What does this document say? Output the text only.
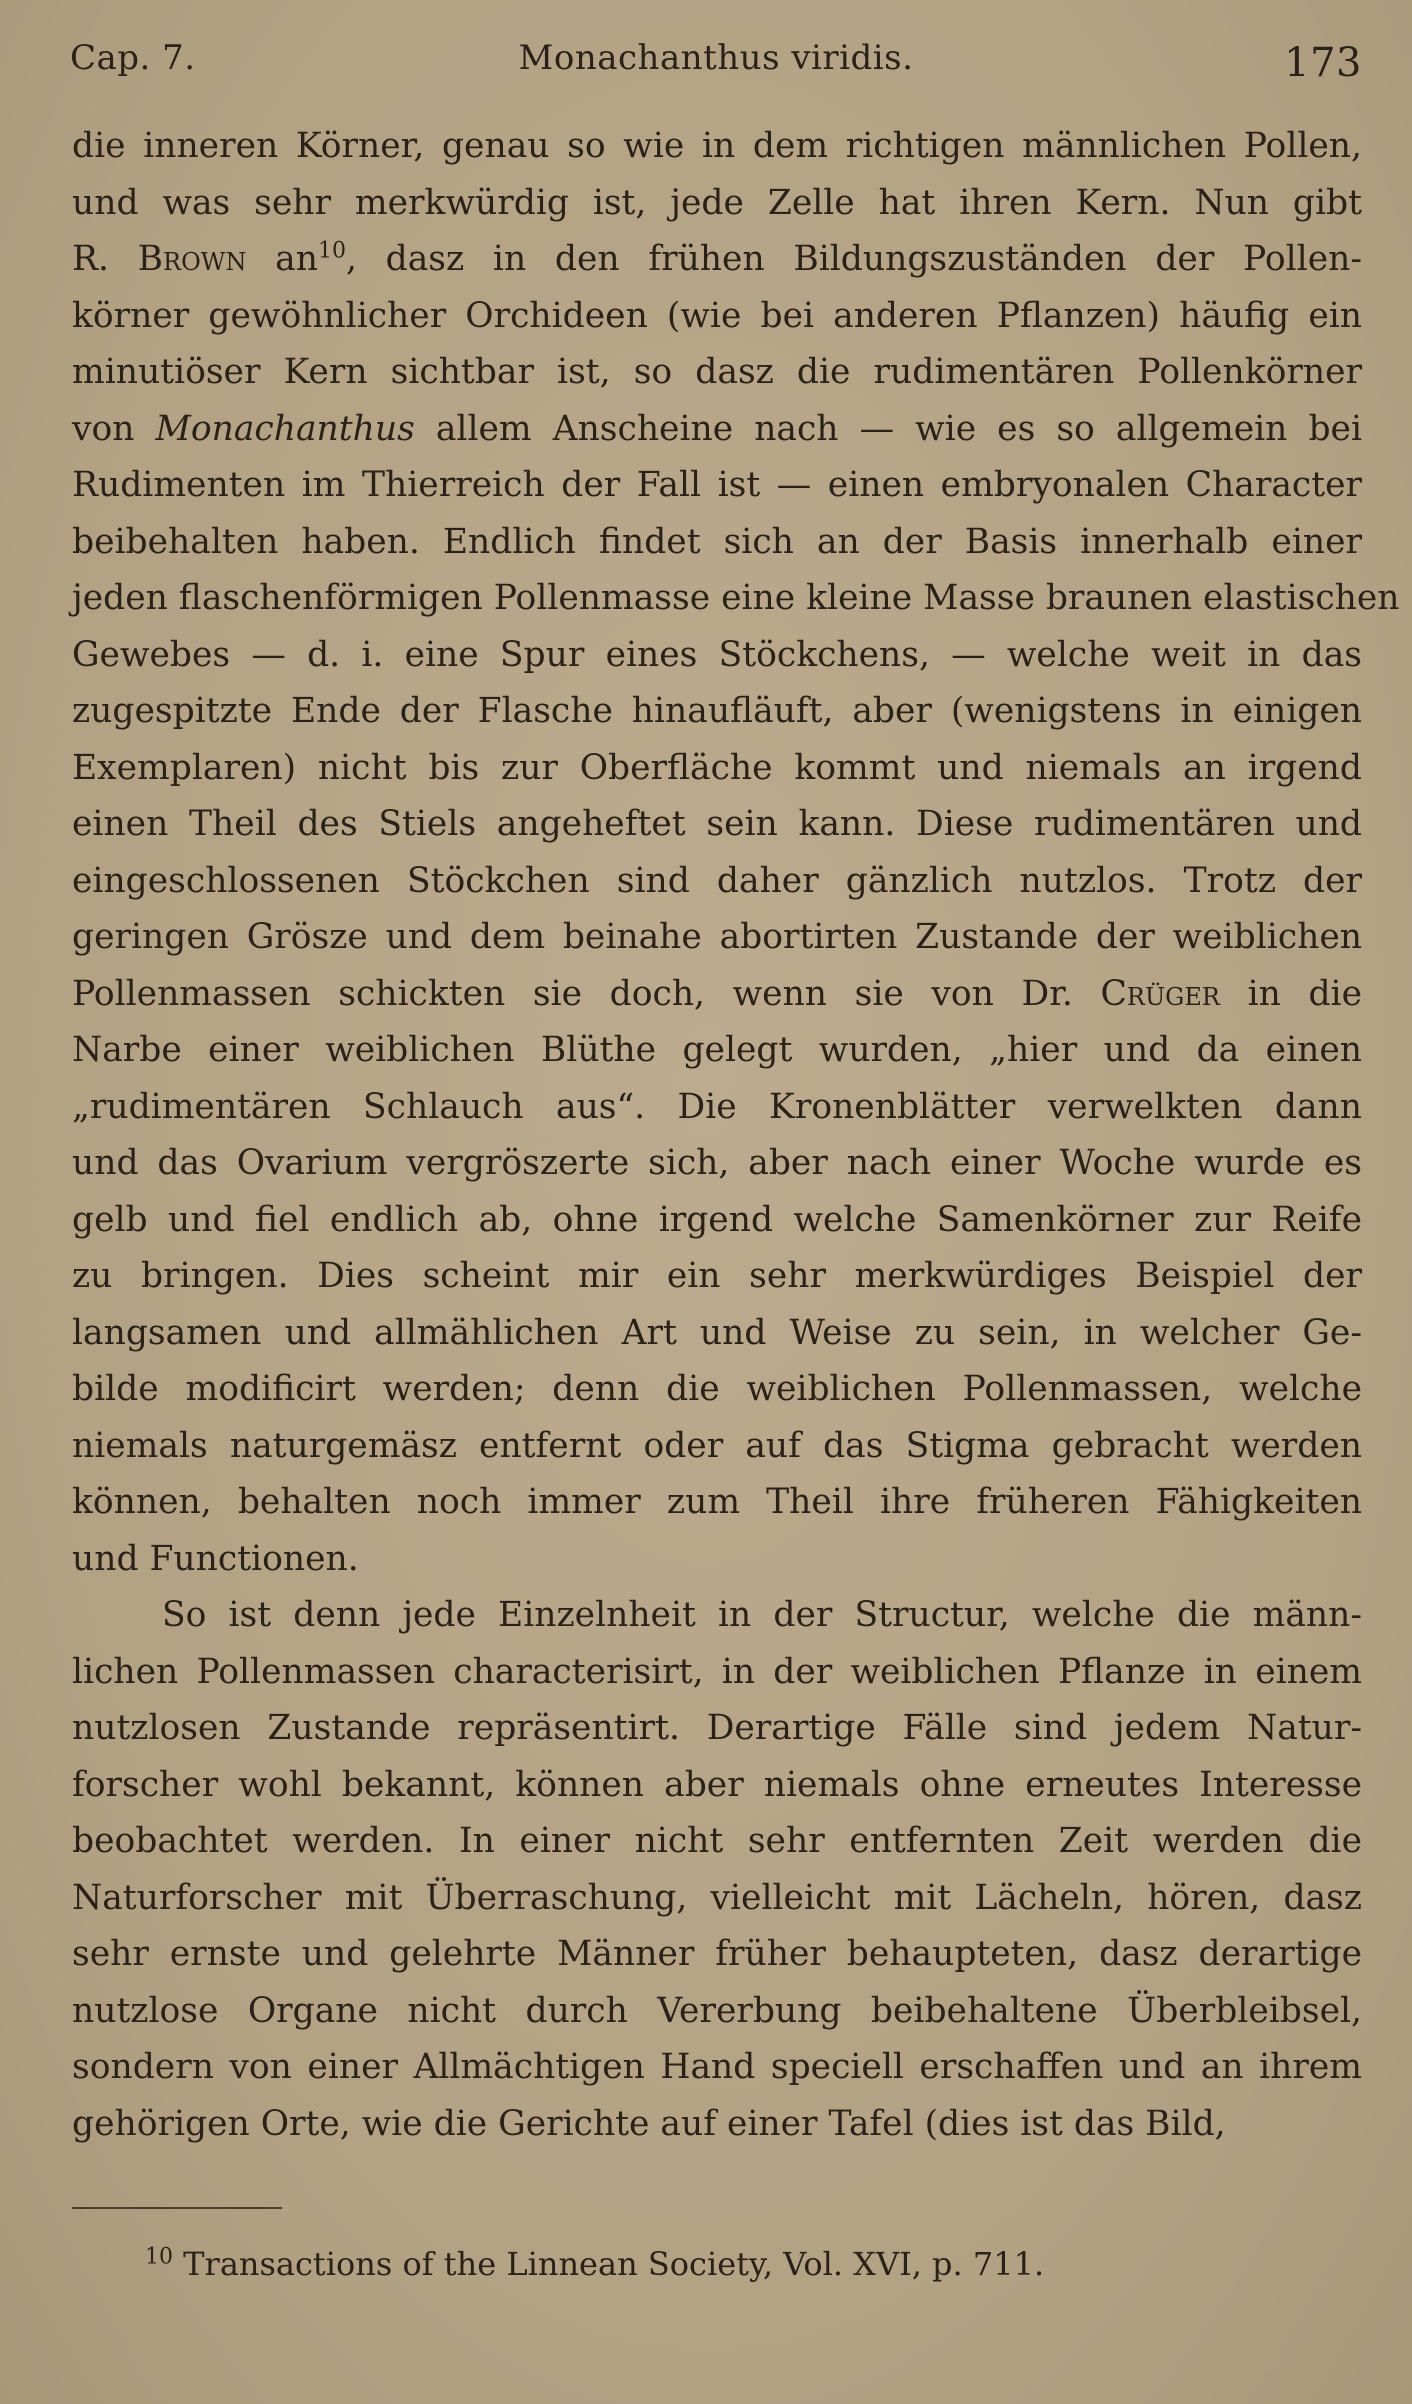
Cap. 7.	Monachanthus viridis.	173
die inneren Körner, genau so wie in dem richtigen männlichen Pollen,
und was sehr merkwürdig ist, jede Zelle hat ihren Kern. Nun gibt
R. Brown $an^{10}$, dasz in den frühen Bildungszuständen der Pollen-
körner gewöhnlicher Orchideen (wie bei anderen Pflanzen) häufig ein
minutiöser Kern sichtbar ist, so dasz die rudimentären Pollenkörner
von Monachanthus allem Anscheine nach — wie es so allgemein bei
Rudimenten im Thierreich der Fall ist — einen embryonalen Character
beibehalten haben. Endlich findet sich an der Basis innerhalb einer
jeden flaschenförmigen Pollenmasse eine kleine Masse braunen elastischen
Gewebes — d. i. eine Spur eines Stöckchens, — welche weit in das
zugespitzte Ende der Flasche hinaufläuft, aber (wenigstens in einigen
Exemplaren) nicht bis zur Oberfläche kommt und niemals an irgend
einen Theil des Stiels angeheftet sein kann. Diese rudimentären und
eingeschlossenen Stöckchen sind daher gänzlich nutzlos. Trotz der
geringen Grösze und dem beinahe abortirten Zustande der weiblichen
Pollenmassen schickten sie doch, wenn sie von Dr. Crüger in die
Narbe einer weiblichen Blüthe gelegt wurden, „hier und da einen
„rudimentären Schlauch aus“. Die Kronenblätter verwelkten dann
und das Ovarium vergröszerte sich, aber nach einer Woche wurde es
gelb und fiel endlich ab, ohne irgend welche Samenkörner zur Reife
zu bringen. Dies scheint mir ein sehr merkwürdiges Beispiel der
langsamen und allmählichen Art und Weise zu sein, in welcher Ge-
bilde modificirt werden; denn die weiblichen Pollenmassen, welche
niemals naturgemäsz entfernt oder auf das Stigma gebracht werden
können, behalten noch immer zum Theil ihre früheren Fähigkeiten
und Functionen.
So ist denn jede Einzelnheit in der Structur, welche die männ-
lichen Pollenmassen characterisirt, in der weiblichen Pflanze in einem
nutzlosen Zustande repräsentirt. Derartige Fälle sind jedem Natur-
forscher wohl bekannt, können aber niemals ohne erneutes Interesse
beobachtet werden. In einer nicht sehr entfernten Zeit werden die
Naturforscher mit Überraschung, vielleicht mit Lächeln, hören, dasz
sehr ernste und gelehrte Männer früher behaupteten, dasz derartige
nutzlose Organe nicht durch Vererbung beibehaltene Überbleibsel,
sondern von einer Allmächtigen Hand speciell erschaffen und an ihrem
gehörigen Orte, wie die Gerichte auf einer Tafel (dies ist das Bild,
$^{10}$ Transactions of the Linnean Society, Vol. XVI, p. 711.
